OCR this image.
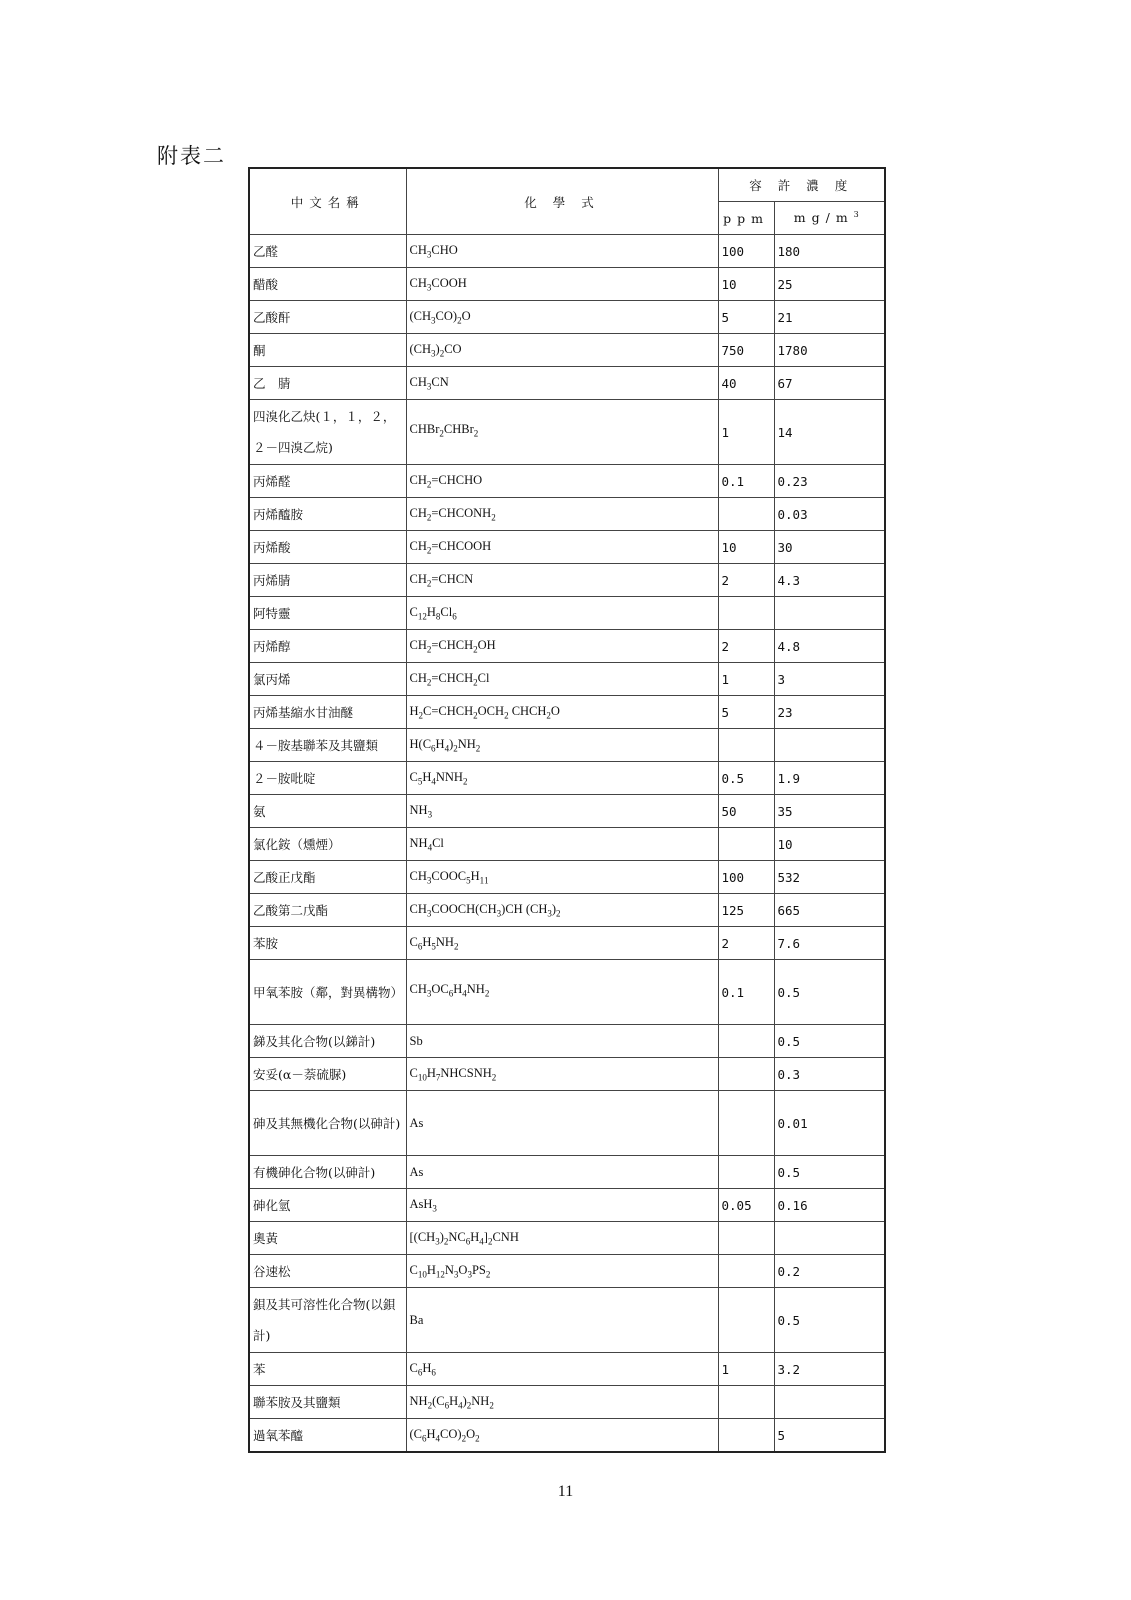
附表二
中文名稱	化 學 式	容 許 濃 度	
		ppm	$mg/m^3$
乙醛	$CH_3CHO$	100	180
醋酸	$CH_3COOH$	10	25
乙酸酐	$(CH_3CO)_2O$	5	21
酮	$(CH_3)_2CO$	750	1780
乙　腈	$CH_3CN$	40	67
四溴化乙炔(１，１，２，２－四溴乙烷)	CHBr$_2$CHBr$_2$	1	14
丙烯醛	$CH_2=CHCHO$	0.1	0.23
丙烯醯胺	$CH_2=CHCONH_2$		0.03
丙烯酸	$CH_2=CHCOOH$	10	30
丙烯腈	$CH_2=CHCN$	2	4.3
阿特靈	$C_{12}H_8Cl_6$		
丙烯醇	$CH_2=CHCH_2OH$	2	4.8
氯丙烯	$CH_2=CHCH_2Cl$	1	3
丙烯基縮水甘油醚	$H_2C=CHCH_2OCH_2$ $CHCH_2O$	5	23
４－胺基聯苯及其鹽類	$H(C_6H_4)_2NH_2$		
２－胺吡啶	$C_5H_4NNH_2$	0.5	1.9
氨	$NH_3$	50	35
氯化銨（燻煙）	$NH_4Cl$		10
乙酸正戊酯	$CH_3COOC_5H_{11}$	100	532
乙酸第二戊酯	$CH_3COOCH(CH_3)CH$ $(CH_3)_2$	125	665
苯胺	$C_6H_5NH_2$	2	7.6
甲氧苯胺（鄰，對異構物）	$CH_3OC_6H_4NH_2$	0.1	0.5
銻及其化合物(以銻計)	Sb		0.5
安妥(α－萘硫脲)	$C_{10}H_7NHCSNH_2$		0.3
砷及其無機化合物(以砷計)	As		0.01
有機砷化合物(以砷計)	As		0.5
砷化氫	AsH$_3$	0.05	0.16
奧黃	$[(CH_3)_2NC_6H_4]_2CNH$		
谷速松	$C_{10}H_{12}N_3O_3PS_2$		0.2
鋇及其可溶性化合物(以鋇計)	Ba		0.5
苯	$C_6H_6$	1	3.2
聯苯胺及其鹽類	$NH_2(C_6H_4)_2NH_2$		
過氧苯醯	$(C_6H_4CO)_2O_2$		5
11
